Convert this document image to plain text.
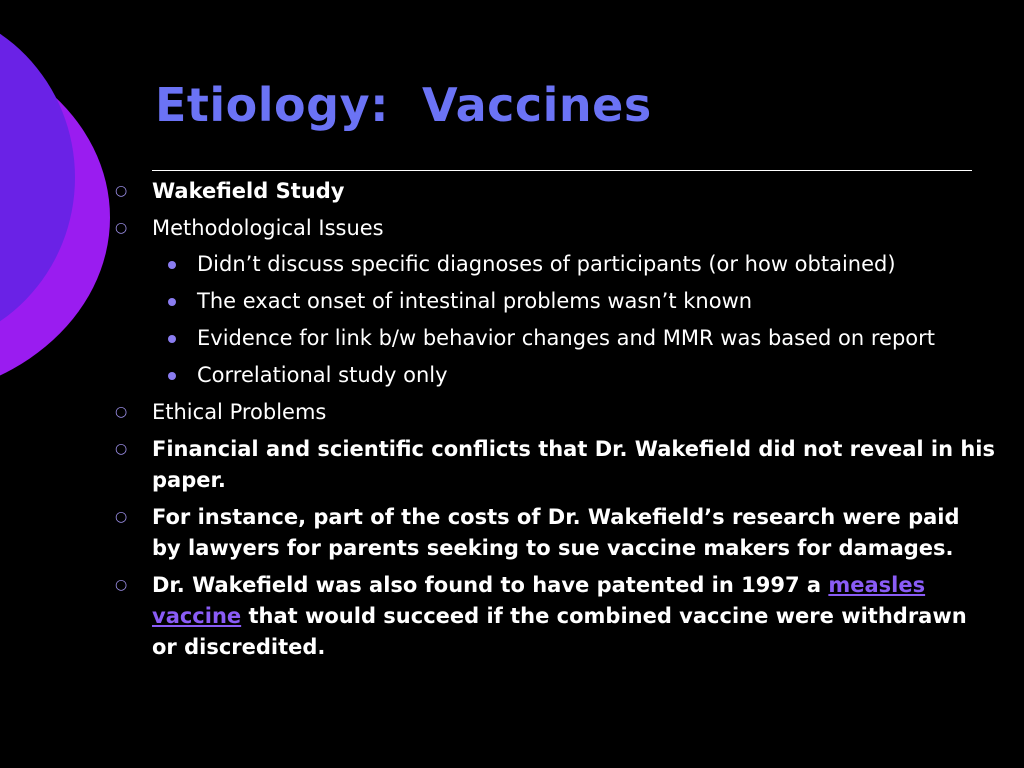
Etiology:  Vaccines
○ Wakefield Study
○ Methodological Issues
Didn’t discuss specific diagnoses of participants (or how obtained)
The exact onset of intestinal problems wasn’t known
Evidence for link b/w behavior changes and MMR was based on report
Correlational study only
○ Ethical Problems
○ Financial and scientific conflicts that Dr. Wakefield did not reveal in his paper.
○ For instance, part of the costs of Dr. Wakefield’s research were paid by lawyers for parents seeking to sue vaccine makers for damages.
○ Dr. Wakefield was also found to have patented in 1997 a measles vaccine that would succeed if the combined vaccine were withdrawn or discredited.
